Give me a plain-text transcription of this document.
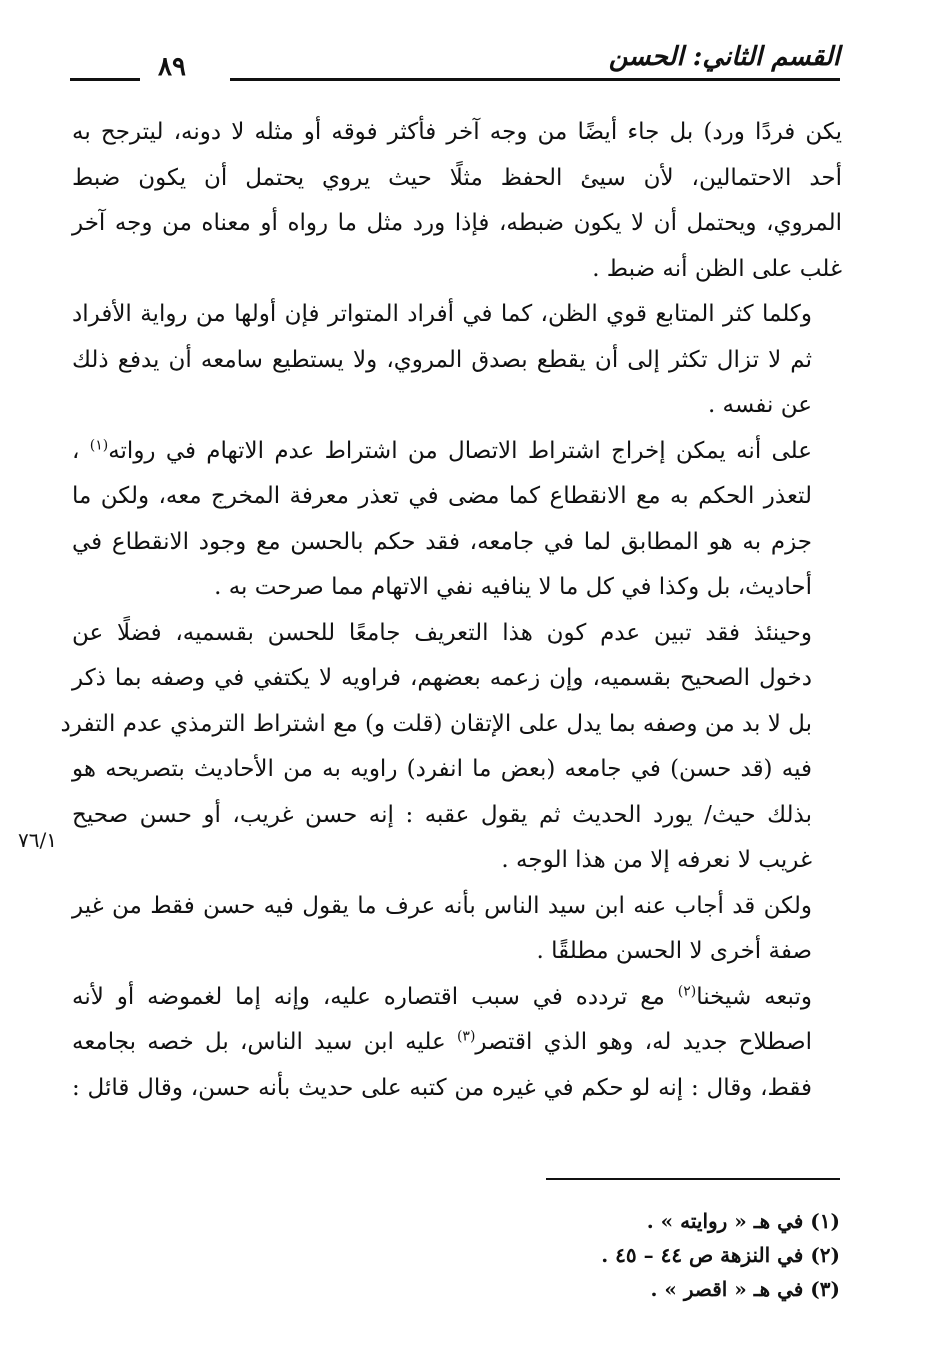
القسم الثاني: الحسن
٨٩

يكن فردًا ورد) بل جاء أيضًا من وجه آخر فأكثر فوقه أو مثله لا دونه، ليترجح به
أحد الاحتمالين، لأن سيئ الحفظ مثلًا حيث يروي يحتمل أن يكون ضبط
المروي، ويحتمل أن لا يكون ضبطه، فإذا ورد مثل ما رواه أو معناه من وجه آخر
غلب على الظن أنه ضبط .

وكلما كثر المتابع قوي الظن، كما في أفراد المتواتر فإن أولها من رواية الأفراد
ثم لا تزال تكثر إلى أن يقطع بصدق المروي، ولا يستطيع سامعه أن يدفع ذلك
عن نفسه .

على أنه يمكن إخراج اشتراط الاتصال من اشتراط عدم الاتهام في رواته$^{(١)}$ ،
لتعذر الحكم به مع الانقطاع كما مضى في تعذر معرفة المخرج معه، ولكن ما
جزم به هو المطابق لما في جامعه، فقد حكم بالحسن مع وجود الانقطاع في
أحاديث، بل وكذا في كل ما لا ينافيه نفي الاتهام مما صرحت به .

وحينئذ فقد تبين عدم كون هذا التعريف جامعًا للحسن بقسميه، فضلًا عن
دخول الصحيح بقسميه، وإن زعمه بعضهم، فراويه لا يكتفي في وصفه بما ذكر
بل لا بد من وصفه بما يدل على الإتقان (قلت و) مع اشتراط الترمذي عدم التفرد
فيه (قد حسن) في جامعه (بعض ما انفرد) راويه به من الأحاديث بتصريحه هو
بذلك حيث/ يورد الحديث ثم يقول عقبه : إنه حسن غريب، أو حسن صحيح
غريب لا نعرفه إلا من هذا الوجه .

ولكن قد أجاب عنه ابن سيد الناس بأنه عرف ما يقول فيه حسن فقط من غير
صفة أخرى لا الحسن مطلقًا .

وتبعه شيخنا$^{(٢)}$ مع تردده في سبب اقتصاره عليه، وإنه إما لغموضه أو لأنه
اصطلاح جديد له، وهو الذي اقتصر$^{(٣)}$ عليه ابن سيد الناس، بل خصه بجامعه
فقط، وقال : إنه لو حكم في غيره من كتبه على حديث بأنه حسن، وقال قائل :

٧٦/١
(١) في هـ « روايته » .
(٢) في النزهة ص ٤٤ – ٤٥ .
(٣) في هـ « اقصر » .
